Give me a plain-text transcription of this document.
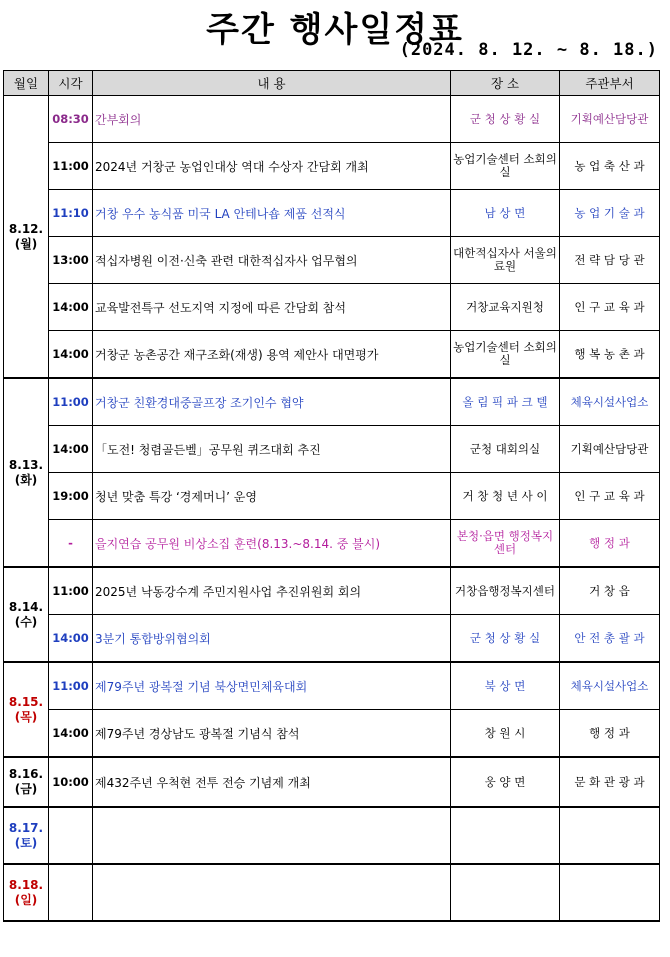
주간 행사일정표
(2024. 8. 12. ~ 8. 18.)
월일	시각	내 용	장 소	주관부서
8.12.
(월)	08:30	간부회의	군 청 상 황 실	기획예산담당관
	11:00	2024년 거창군 농업인대상 역대 수상자 간담회 개최	농업기술센터 소회의실	농 업 축 산 과
	11:10	거창 우수 농식품 미국 LA 안테나숍 제품 선적식	남 상 면	농 업 기 술 과
	13:00	적십자병원 이전·신축 관련 대한적십자사 업무협의	대한적십자사 서울의료원	전 략 담 당 관
	14:00	교육발전특구 선도지역 지정에 따른 간담회 참석	거창교육지원청	인 구 교 육 과
	14:00	거창군 농촌공간 재구조화(재생) 용역 제안사 대면평가	농업기술센터 소회의실	행 복 농 촌 과
8.13.
(화)	11:00	거창군 친환경대중골프장 조기인수 협약	올 림 픽 파 크 텔	체육시설사업소
	14:00	「도전! 청렴골든벨」공무원 퀴즈대회 추진	군청 대회의실	기획예산담당관
	19:00	청년 맞춤 특강 ‘경제머니’ 운영	거 창 청 년 사 이	인 구 교 육 과
	-	을지연습 공무원 비상소집 훈련(8.13.~8.14. 중 불시)	본청·읍면 행정복지센터	행 정 과
8.14.
(수)	11:00	2025년 낙동강수계 주민지원사업 추진위원회 회의	거창읍행정복지센터	거 창 읍
	14:00	3분기 통합방위협의회	군 청 상 황 실	안 전 총 괄 과
8.15.
(목)	11:00	제79주년 광복절 기념 북상면민체육대회	북 상 면	체육시설사업소
	14:00	제79주년 경상남도 광복절 기념식 참석	창 원 시	행 정 과
8.16.
(금)	10:00	제432주년 우척현 전투 전승 기념제 개최	웅 양 면	문 화 관 광 과
8.17.
(토)				
8.18.
(일)				
